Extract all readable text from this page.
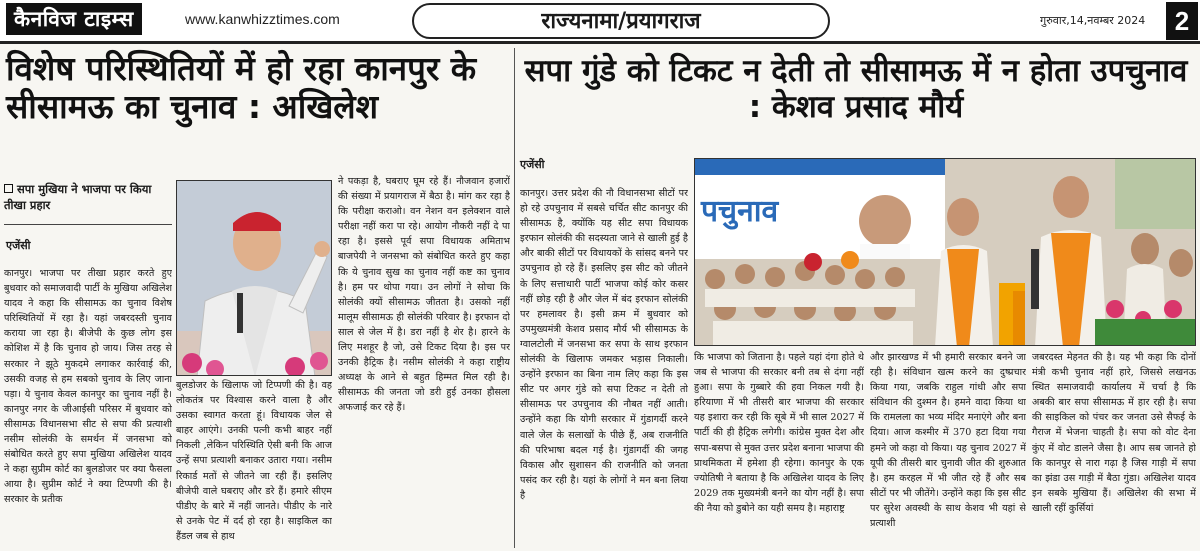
कैनविज टाइम्स	www.kanwhizztimes.com	राज्यनामा/प्रयागराज	गुरुवार,14,नवम्बर 2024	2
विशेष परिस्थितियों में हो रहा कानपुर के सीसामऊ का चुनाव : अखिलेश
सपा मुखिया ने भाजपा पर किया तीखा प्रहार
एजेंसी
कानपुर। भाजपा पर तीखा प्रहार करते हुए बुधवार को समाजवादी पार्टी के मुखिया अखिलेश यादव ने कहा कि सीसामऊ का चुनाव विशेष परिस्थितियों में रहा है। यहां जबरदस्ती चुनाव कराया जा रहा है। बीजेपी के कुछ लोग इस कोशिश में है कि चुनाव हो जाय। जिस तरह से सरकार ने झूठे मुकदमे लगाकर कार्रवाई की, उसकी वजह से हम सबको चुनाव के लिए जाना पड़ा। ये चुनाव केवल कानपुर का चुनाव नहीं है। कानपुर नगर के जीआईसी परिसर में बुधवार को सीसामऊ विधानसभा सीट से सपा की प्रत्याशी नसीम सोलंकी के समर्थन में जनसभा को संबोधित करते हुए सपा मुखिया अखिलेश यादव ने कहा सुप्रीम कोर्ट का बुलडोजर पर क्या फैसला आया है। सुप्रीम कोर्ट ने क्या टिप्पणी की है। सरकार के प्रतीक
बुलडोजर के खिलाफ जो टिप्पणी की है। वह लोकतंत्र पर विश्वास करने वाला है और उसका स्वागत करता हूं। विधायक जेल से बाहर आएंगे। उनकी पत्नी कभी बाहर नहीं निकली ,लेकिन परिस्थिति ऐसी बनी कि आज उन्हें सपा प्रत्याशी बनाकर उतारा गया। नसीम रिकार्ड मतों से जीतने जा रही हैं। इसलिए बीजेपी वाले घबराए और डरे हैं। हमारे सीएम पीडीए के बारे में नहीं जानते। पीडीए के नारे से उनके पेट में दर्द हो रहा है। साइकिल का हैंडल जब से हाथ
ने पकड़ा है, घबराए घूम रहे हैं। नौजवान हजारों की संख्या में प्रयागराज में बैठा है। मांग कर रहा है कि परीक्षा कराओ। वन नेशन वन इलेक्शन वाले परीक्षा नहीं करा पा रहे। आयोग नौकरी नहीं दे पा रहा है। इससे पूर्व सपा विधायक अमिताभ बाजपेयी ने जनसभा को संबोधित करते हुए कहा कि ये चुनाव सुख का चुनाव नहीं कष्ट का चुनाव है। हम पर थोपा गया। उन लोगों ने सोचा कि सोलंकी क्यों सीसामऊ जीतता है। उसको नहीं मालूम सीसामऊ ही सोलंकी परिवार है। इरफान दो साल से जेल में है। डरा नहीं है शेर है। हारने के लिए मशहूर है जो, उसे टिकट दिया है। इस पर उनकी हैट्रिक है। नसीम सोलंकी ने कहा राष्ट्रीय अध्यक्ष के आने से बहुत हिम्मत मिल रही है। सीसामऊ की जनता जो डरी हुई उनका हौसला अफजाई कर रहे हैं।
सपा गुंडे को टिकट न देती तो सीसामऊ में न होता उपचुनाव : केशव प्रसाद मौर्य
एजेंसी
कानपुर। उत्तर प्रदेश की नौ विधानसभा सीटों पर हो रहे उपचुनाव में सबसे चर्चित सीट कानपुर की सीसामऊ है, क्योंकि यह सीट सपा विधायक इरफान सोलंकी की सदस्यता जाने से खाली हुई है और बाकी सीटों पर विधायकों के सांसद बनने पर उपचुनाव हो रहे हैं। इसलिए इस सीट को जीतने के लिए सत्ताधारी पार्टी भाजपा कोई कोर कसर नहीं छोड़ रही है और जेल में बंद इरफान सोलंकी पर हमलावर है। इसी क्रम में बुधवार को उपमुख्यमंत्री केशव प्रसाद मौर्य भी सीसामऊ के ग्वालटोली में जनसभा कर सपा के साथ इरफान सोलंकी के खिलाफ जमकर भड़ास निकाली। उन्होंने इरफान का बिना नाम लिए कहा कि इस सीट पर अगर गुंडे को सपा टिकट न देती तो सीसामऊ पर उपचुनाव की नौबत नहीं आती। उन्होंने कहा कि योगी सरकार में गुंडागर्दी करने वाले जेल के सलाखों के पीछे हैं, अब राजनीति की परिभाषा बदल गई है। गुंडागर्दी की जगह विकास और सुशासन की राजनीति को जनता पसंद कर रही है। यहां के लोगों ने मन बना लिया है
कि भाजपा को जिताना है। पहले यहां दंगा होते थे जब से भाजपा की सरकार बनी तब से दंगा नहीं हुआ। सपा के गुब्बारे की हवा निकल गयी है। हरियाणा में भी तीसरी बार भाजपा की सरकार यह इशारा कर रही कि सूबे में भी साल 2027 में पार्टी की ही हैट्रिक लगेगी। कांग्रेस मुक्त देश और सपा-बसपा से मुक्त उत्तर प्रदेश बनाना भाजपा की प्राथमिकता में हमेशा ही रहेगा। कानपुर के एक ज्योतिषी ने बताया है कि अखिलेश यादव के लिए 2029 तक मुख्यमंत्री बनने का योग नहीं है। सपा की नैया को डुबोने का यही समय है। महाराष्ट्र
और झारखण्ड में भी हमारी सरकार बनने जा रही है। संविधान खत्म करने का दुष्प्रचार किया गया, जबकि राहुल गांधी और सपा संविधान की दुश्मन है। हमने वादा किया था कि रामलला का भव्य मंदिर मनाएंगे और बना दिया। आज कश्मीर में 370 हटा दिया गया हमने जो कहा वो किया। यह चुनाव 2027 में यूपी की तीसरी बार चुनावी जीत की शुरुआत है। हम करहल में भी जीत रहे हैं और सब सीटों पर भी जीतेंगे। उन्होंने कहा कि इस सीट पर सुरेश अवस्थी के साथ केशव भी यहां से प्रत्याशी
जबरदस्त मेहनत की है। यह भी कहा कि दोनों मंत्री कभी चुनाव नहीं हारे, जिससे लखनऊ स्थित समाजवादी कार्यालय में चर्चा है कि अबकी बार सपा सीसामऊ में हार रही है। सपा की साइकिल को पंचर कर जनता उसे सैफई के गैराज में भेजना चाहती है। सपा को वोट देना कुंए में वोट डालने जैसा है। आप सब जानते हो कि कानपुर से नारा गढ़ा है जिस गाड़ी में सपा का झंडा उस गाड़ी में बैठा गुंडा। अखिलेश यादव इन सबके मुखिया हैं। अखिलेश की सभा में खाली रहीं कुर्सियां
पचुनाव
